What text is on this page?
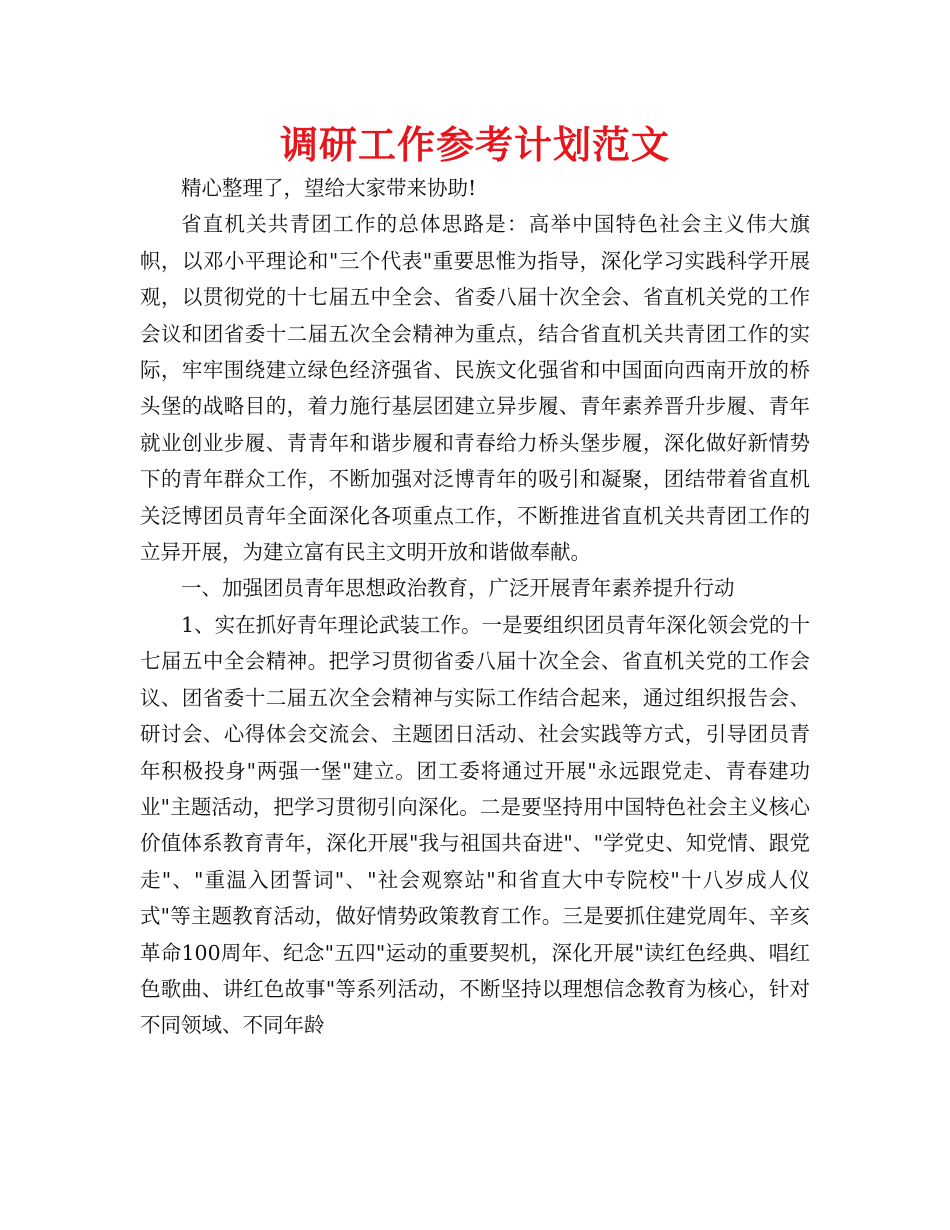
调研工作参考计划范文

精心整理了，望给大家带来协助!

省直机关共青团工作的总体思路是：高举中国特色社会主义伟大旗帜，以邓小平理论和"三个代表"重要思惟为指导，深化学习实践科学开展观，以贯彻党的十七届五中全会、省委八届十次全会、省直机关党的工作会议和团省委十二届五次全会精神为重点，结合省直机关共青团工作的实际，牢牢围绕建立绿色经济强省、民族文化强省和中国面向西南开放的桥头堡的战略目的，着力施行基层团建立异步履、青年素养晋升步履、青年就业创业步履、青青年和谐步履和青春给力桥头堡步履，深化做好新情势下的青年群众工作，不断加强对泛博青年的吸引和凝聚，团结带着省直机关泛博团员青年全面深化各项重点工作，不断推进省直机关共青团工作的立异开展，为建立富有民主文明开放和谐做奉献。

一、加强团员青年思想政治教育，广泛开展青年素养提升行动

1、实在抓好青年理论武装工作。一是要组织团员青年深化领会党的十七届五中全会精神。把学习贯彻省委八届十次全会、省直机关党的工作会议、团省委十二届五次全会精神与实际工作结合起来，通过组织报告会、研讨会、心得体会交流会、主题团日活动、社会实践等方式，引导团员青年积极投身"两强一堡"建立。团工委将通过开展"永远跟党走、青春建功业"主题活动，把学习贯彻引向深化。二是要坚持用中国特色社会主义核心价值体系教育青年，深化开展"我与祖国共奋进"、"学党史、知党情、跟党走"、"重温入团誓词"、"社会观察站"和省直大中专院校"十八岁成人仪式"等主题教育活动，做好情势政策教育工作。三是要抓住建党周年、辛亥革命100周年、纪念"五四"运动的重要契机，深化开展"读红色经典、唱红色歌曲、讲红色故事"等系列活动，不断坚持以理想信念教育为核心，针对不同领域、不同年龄
